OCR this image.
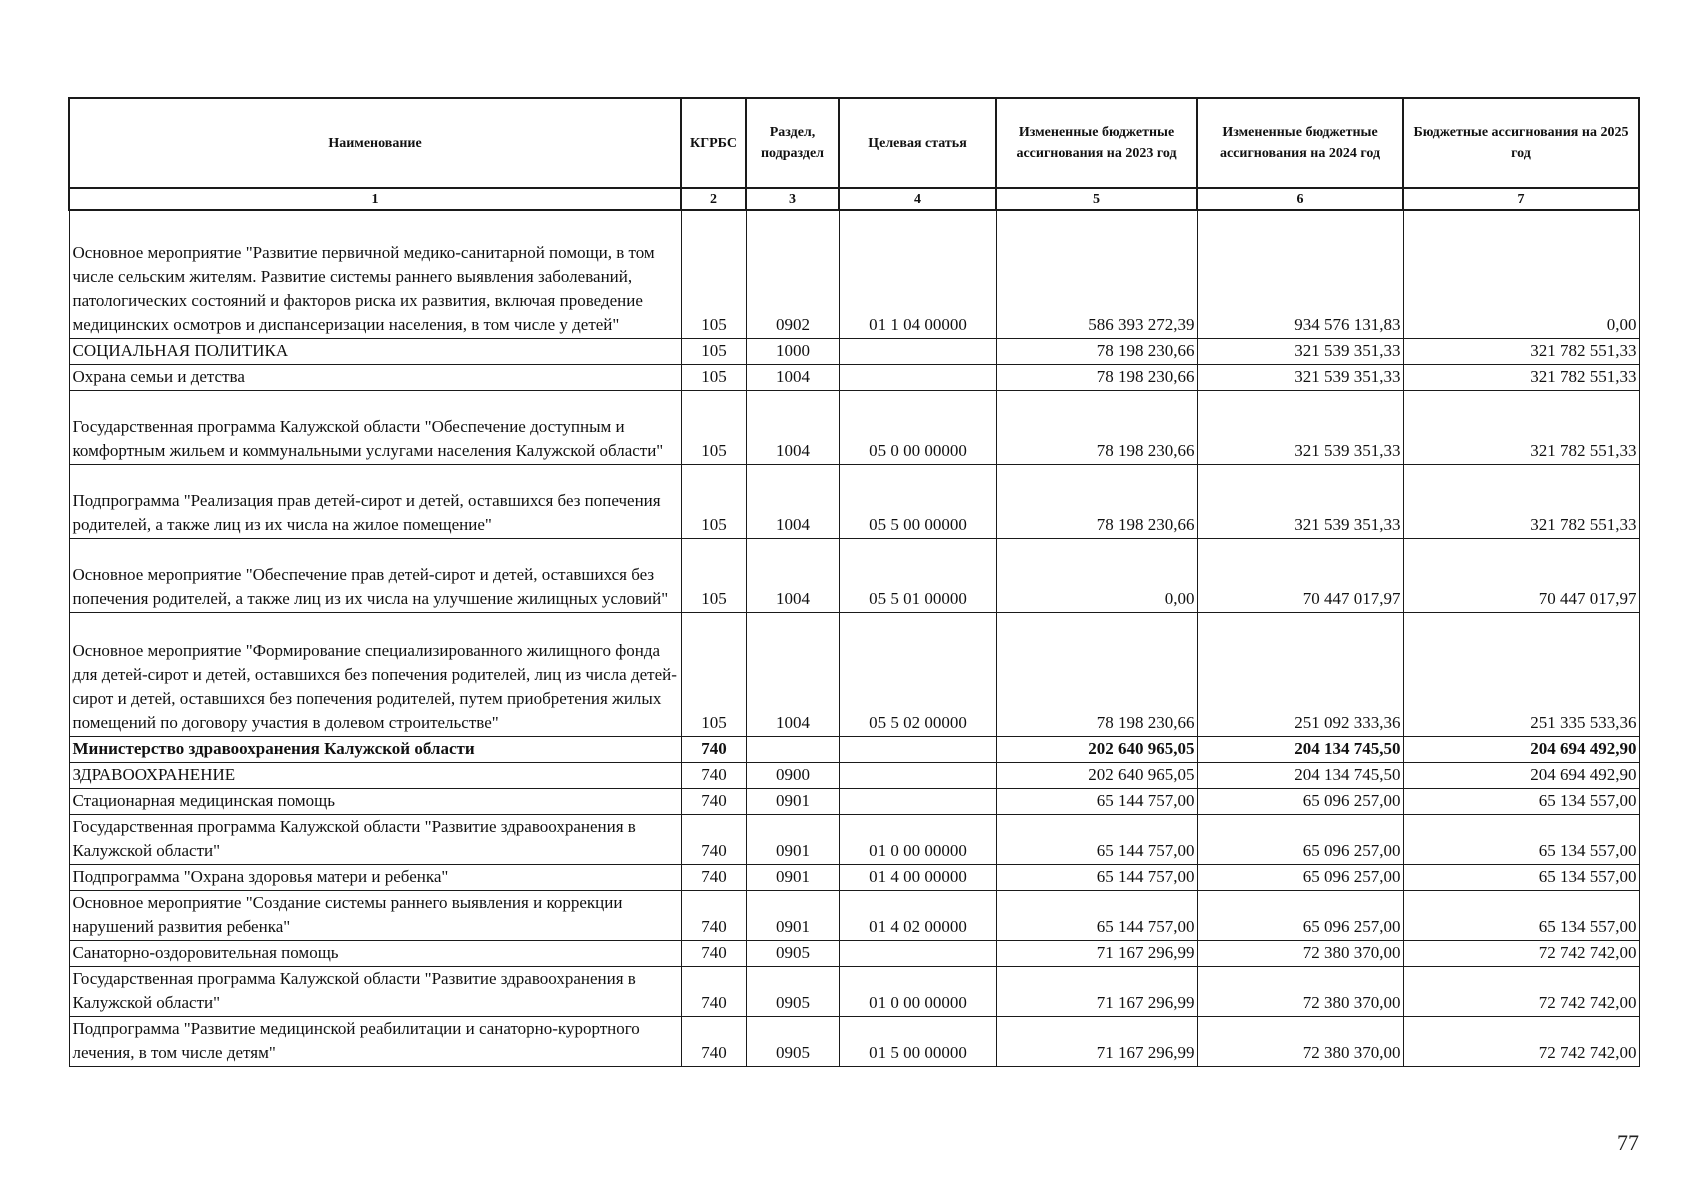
Наименование	КГРБС	Раздел, подраздел	Целевая статья	Измененные бюджетные ассигнования на 2023 год	Измененные бюджетные ассигнования на 2024 год	Бюджетные ассигнования на 2025 год
1	2	3	4	5	6	7
Основное мероприятие "Развитие первичной медико-санитарной помощи, в том числе сельским жителям. Развитие системы раннего выявления заболеваний, патологических состояний и факторов риска их развития, включая проведение медицинских осмотров и диспансеризации населения, в том числе у детей"	105	0902	01 1 04 00000	586 393 272,39	934 576 131,83	0,00
СОЦИАЛЬНАЯ ПОЛИТИКА	105	1000		78 198 230,66	321 539 351,33	321 782 551,33
Охрана семьи и детства	105	1004		78 198 230,66	321 539 351,33	321 782 551,33
Государственная программа Калужской области "Обеспечение доступным и комфортным жильем и коммунальными услугами населения Калужской области"	105	1004	05 0 00 00000	78 198 230,66	321 539 351,33	321 782 551,33
Подпрограмма "Реализация прав детей-сирот и детей, оставшихся без попечения родителей, а также лиц из их числа на жилое помещение"	105	1004	05 5 00 00000	78 198 230,66	321 539 351,33	321 782 551,33
Основное мероприятие "Обеспечение прав детей-сирот и детей, оставшихся без попечения родителей, а также лиц из их числа на улучшение жилищных условий"	105	1004	05 5 01 00000	0,00	70 447 017,97	70 447 017,97
Основное мероприятие "Формирование специализированного жилищного фонда для детей-сирот и детей, оставшихся без попечения родителей, лиц из числа детей-сирот и детей, оставшихся без попечения родителей, путем приобретения жилых помещений по договору участия в долевом строительстве"	105	1004	05 5 02 00000	78 198 230,66	251 092 333,36	251 335 533,36
Министерство здравоохранения Калужской области	740			202 640 965,05	204 134 745,50	204 694 492,90
ЗДРАВООХРАНЕНИЕ	740	0900		202 640 965,05	204 134 745,50	204 694 492,90
Стационарная медицинская помощь	740	0901		65 144 757,00	65 096 257,00	65 134 557,00
Государственная программа Калужской области "Развитие здравоохранения в Калужской области"	740	0901	01 0 00 00000	65 144 757,00	65 096 257,00	65 134 557,00
Подпрограмма "Охрана здоровья матери и ребенка"	740	0901	01 4 00 00000	65 144 757,00	65 096 257,00	65 134 557,00
Основное мероприятие "Создание системы раннего выявления и коррекции нарушений развития ребенка"	740	0901	01 4 02 00000	65 144 757,00	65 096 257,00	65 134 557,00
Санаторно-оздоровительная помощь	740	0905		71 167 296,99	72 380 370,00	72 742 742,00
Государственная программа Калужской области "Развитие здравоохранения в Калужской области"	740	0905	01 0 00 00000	71 167 296,99	72 380 370,00	72 742 742,00
Подпрограмма "Развитие медицинской реабилитации и санаторно-курортного лечения, в том числе детям"	740	0905	01 5 00 00000	71 167 296,99	72 380 370,00	72 742 742,00
77
